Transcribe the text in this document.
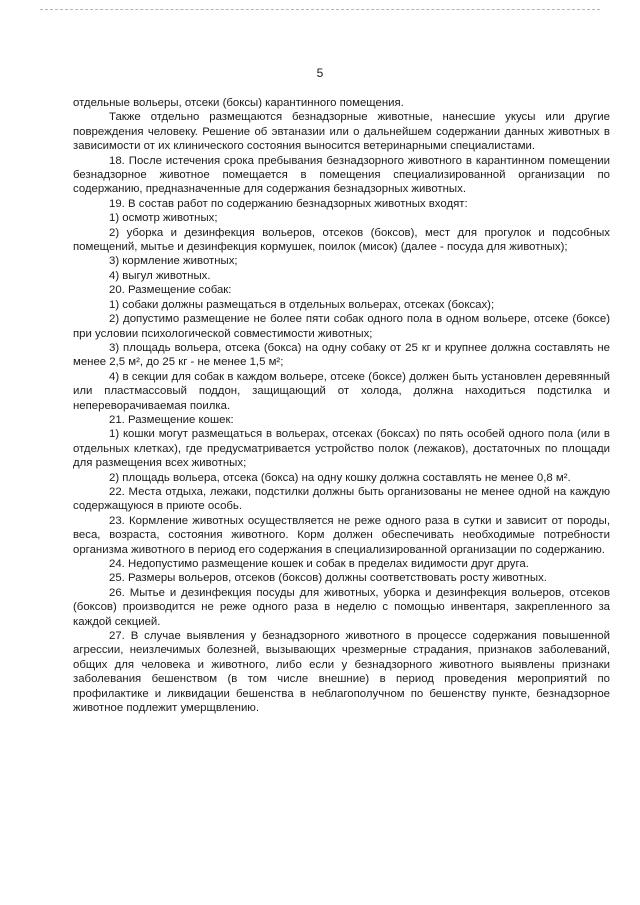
5

отдельные вольеры, отсеки (боксы) карантинного помещения.

Также отдельно размещаются безнадзорные животные, нанесшие укусы или другие повреждения человеку. Решение об эвтаназии или о дальнейшем содержании данных животных в зависимости от их клинического состояния выносится ветеринарными специалистами.

18. После истечения срока пребывания безнадзорного животного в карантинном помещении безнадзорное животное помещается в помещения специализированной организации по содержанию, предназначенные для содержания безнадзорных животных.

19. В состав работ по содержанию безнадзорных животных входят:

1) осмотр животных;

2) уборка и дезинфекция вольеров, отсеков (боксов), мест для прогулок и подсобных помещений, мытье и дезинфекция кормушек, поилок (мисок) (далее - посуда для животных);

3) кормление животных;

4) выгул животных.

20. Размещение собак:

1) собаки должны размещаться в отдельных вольерах, отсеках (боксах);

2) допустимо размещение не более пяти собак одного пола в одном вольере, отсеке (боксе) при условии психологической совместимости животных;

3) площадь вольера, отсека (бокса) на одну собаку от 25 кг и крупнее должна составлять не менее 2,5 м², до 25 кг - не менее 1,5 м²;

4) в секции для собак в каждом вольере, отсеке (боксе) должен быть установлен деревянный или пластмассовый поддон, защищающий от холода, должна находиться подстилка и непереворачиваемая поилка.

21. Размещение кошек:

1) кошки могут размещаться в вольерах, отсеках (боксах) по пять особей одного пола (или в отдельных клетках), где предусматривается устройство полок (лежаков), достаточных по площади для размещения всех животных;

2) площадь вольера, отсека (бокса) на одну кошку должна составлять не менее 0,8 м².

22. Места отдыха, лежаки, подстилки должны быть организованы не менее одной на каждую содержащуюся в приюте особь.

23. Кормление животных осуществляется не реже одного раза в сутки и зависит от породы, веса, возраста, состояния животного. Корм должен обеспечивать необходимые потребности организма животного в период его содержания в специализированной организации по содержанию.

24. Недопустимо размещение кошек и собак в пределах видимости друг друга.

25. Размеры вольеров, отсеков (боксов) должны соответствовать росту животных.

26. Мытье и дезинфекция посуды для животных, уборка и дезинфекция вольеров, отсеков (боксов) производится не реже одного раза в неделю с помощью инвентаря, закрепленного за каждой секцией.

27. В случае выявления у безнадзорного животного в процессе содержания повышенной агрессии, неизлечимых болезней, вызывающих чрезмерные страдания, признаков заболеваний, общих для человека и животного, либо если у безнадзорного животного выявлены признаки заболевания бешенством (в том числе внешние) в период проведения мероприятий по профилактике и ликвидации бешенства в неблагополучном по бешенству пункте, безнадзорное животное подлежит умерщвлению.
